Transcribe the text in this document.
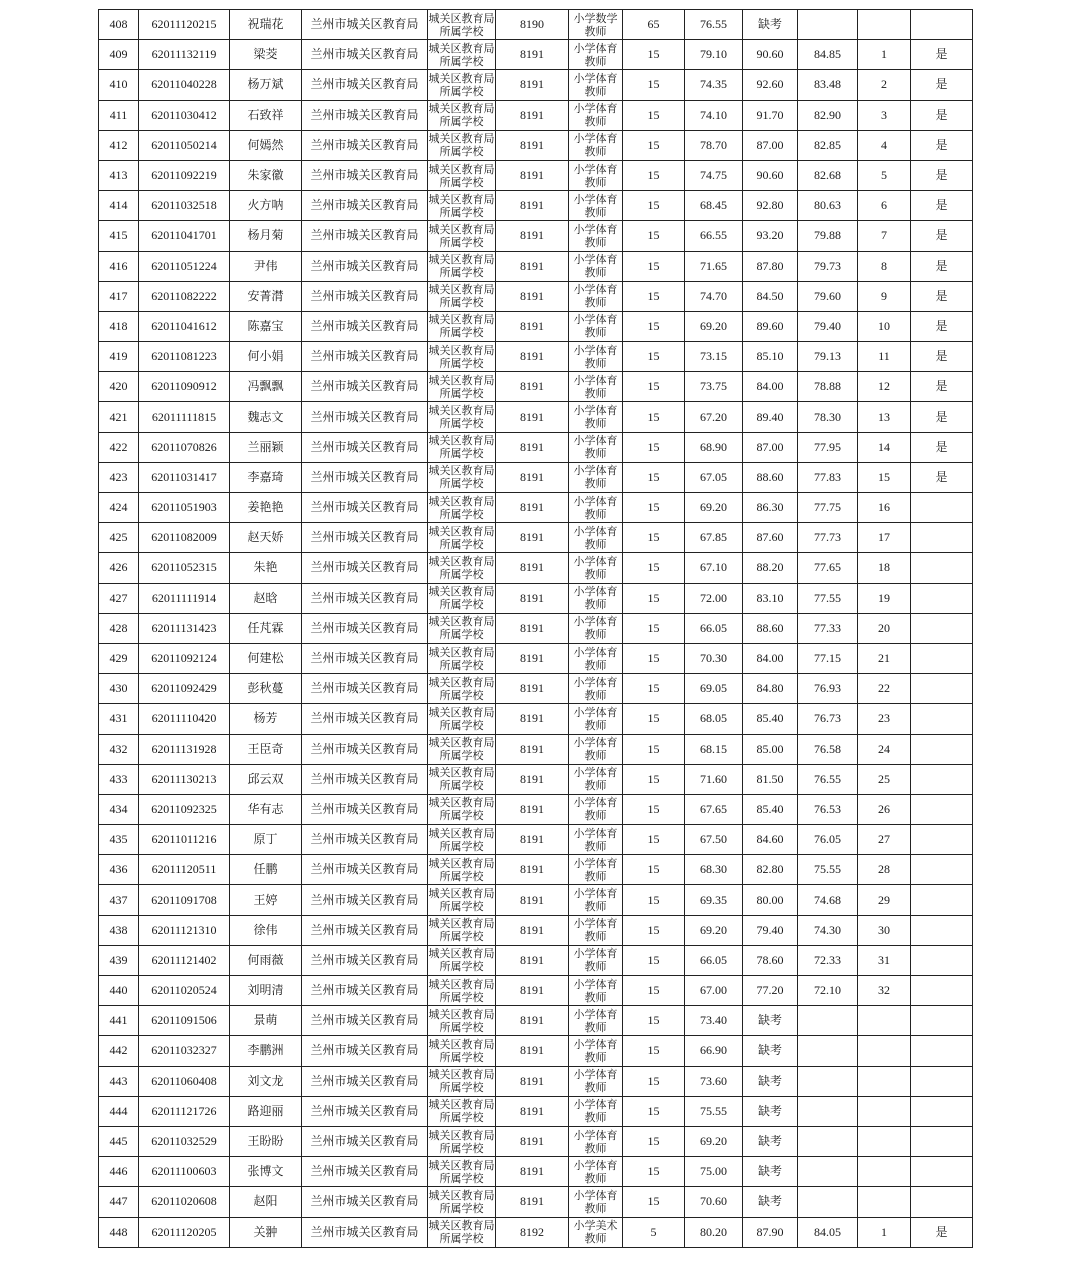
408	62011120215	祝瑞花	兰州市城关区教育局	城关区教育局所属学校	8190	小学数学教师	65	76.55	缺考			
409	62011132119	梁茭	兰州市城关区教育局	城关区教育局所属学校	8191	小学体育教师	15	79.10	90.60	84.85	1	是
410	62011040228	杨万斌	兰州市城关区教育局	城关区教育局所属学校	8191	小学体育教师	15	74.35	92.60	83.48	2	是
411	62011030412	石致祥	兰州市城关区教育局	城关区教育局所属学校	8191	小学体育教师	15	74.10	91.70	82.90	3	是
412	62011050214	何嫣然	兰州市城关区教育局	城关区教育局所属学校	8191	小学体育教师	15	78.70	87.00	82.85	4	是
413	62011092219	朱家徽	兰州市城关区教育局	城关区教育局所属学校	8191	小学体育教师	15	74.75	90.60	82.68	5	是
414	62011032518	火方呐	兰州市城关区教育局	城关区教育局所属学校	8191	小学体育教师	15	68.45	92.80	80.63	6	是
415	62011041701	杨月菊	兰州市城关区教育局	城关区教育局所属学校	8191	小学体育教师	15	66.55	93.20	79.88	7	是
416	62011051224	尹伟	兰州市城关区教育局	城关区教育局所属学校	8191	小学体育教师	15	71.65	87.80	79.73	8	是
417	62011082222	安菁潸	兰州市城关区教育局	城关区教育局所属学校	8191	小学体育教师	15	74.70	84.50	79.60	9	是
418	62011041612	陈嘉宝	兰州市城关区教育局	城关区教育局所属学校	8191	小学体育教师	15	69.20	89.60	79.40	10	是
419	62011081223	何小娟	兰州市城关区教育局	城关区教育局所属学校	8191	小学体育教师	15	73.15	85.10	79.13	11	是
420	62011090912	冯飘飘	兰州市城关区教育局	城关区教育局所属学校	8191	小学体育教师	15	73.75	84.00	78.88	12	是
421	62011111815	魏志文	兰州市城关区教育局	城关区教育局所属学校	8191	小学体育教师	15	67.20	89.40	78.30	13	是
422	62011070826	兰丽颖	兰州市城关区教育局	城关区教育局所属学校	8191	小学体育教师	15	68.90	87.00	77.95	14	是
423	62011031417	李嘉琦	兰州市城关区教育局	城关区教育局所属学校	8191	小学体育教师	15	67.05	88.60	77.83	15	是
424	62011051903	姜艳艳	兰州市城关区教育局	城关区教育局所属学校	8191	小学体育教师	15	69.20	86.30	77.75	16	
425	62011082009	赵天娇	兰州市城关区教育局	城关区教育局所属学校	8191	小学体育教师	15	67.85	87.60	77.73	17	
426	62011052315	朱艳	兰州市城关区教育局	城关区教育局所属学校	8191	小学体育教师	15	67.10	88.20	77.65	18	
427	62011111914	赵晗	兰州市城关区教育局	城关区教育局所属学校	8191	小学体育教师	15	72.00	83.10	77.55	19	
428	62011131423	任芃霖	兰州市城关区教育局	城关区教育局所属学校	8191	小学体育教师	15	66.05	88.60	77.33	20	
429	62011092124	何建松	兰州市城关区教育局	城关区教育局所属学校	8191	小学体育教师	15	70.30	84.00	77.15	21	
430	62011092429	彭秋蔓	兰州市城关区教育局	城关区教育局所属学校	8191	小学体育教师	15	69.05	84.80	76.93	22	
431	62011110420	杨芳	兰州市城关区教育局	城关区教育局所属学校	8191	小学体育教师	15	68.05	85.40	76.73	23	
432	62011131928	王臣奇	兰州市城关区教育局	城关区教育局所属学校	8191	小学体育教师	15	68.15	85.00	76.58	24	
433	62011130213	邱云双	兰州市城关区教育局	城关区教育局所属学校	8191	小学体育教师	15	71.60	81.50	76.55	25	
434	62011092325	华有志	兰州市城关区教育局	城关区教育局所属学校	8191	小学体育教师	15	67.65	85.40	76.53	26	
435	62011011216	原丁	兰州市城关区教育局	城关区教育局所属学校	8191	小学体育教师	15	67.50	84.60	76.05	27	
436	62011120511	任鹏	兰州市城关区教育局	城关区教育局所属学校	8191	小学体育教师	15	68.30	82.80	75.55	28	
437	62011091708	王婷	兰州市城关区教育局	城关区教育局所属学校	8191	小学体育教师	15	69.35	80.00	74.68	29	
438	62011121310	徐伟	兰州市城关区教育局	城关区教育局所属学校	8191	小学体育教师	15	69.20	79.40	74.30	30	
439	62011121402	何雨薇	兰州市城关区教育局	城关区教育局所属学校	8191	小学体育教师	15	66.05	78.60	72.33	31	
440	62011020524	刘明清	兰州市城关区教育局	城关区教育局所属学校	8191	小学体育教师	15	67.00	77.20	72.10	32	
441	62011091506	景萌	兰州市城关区教育局	城关区教育局所属学校	8191	小学体育教师	15	73.40	缺考			
442	62011032327	李鹏洲	兰州市城关区教育局	城关区教育局所属学校	8191	小学体育教师	15	66.90	缺考			
443	62011060408	刘文龙	兰州市城关区教育局	城关区教育局所属学校	8191	小学体育教师	15	73.60	缺考			
444	62011121726	路迎丽	兰州市城关区教育局	城关区教育局所属学校	8191	小学体育教师	15	75.55	缺考			
445	62011032529	王盼盼	兰州市城关区教育局	城关区教育局所属学校	8191	小学体育教师	15	69.20	缺考			
446	62011100603	张博文	兰州市城关区教育局	城关区教育局所属学校	8191	小学体育教师	15	75.00	缺考			
447	62011020608	赵阳	兰州市城关区教育局	城关区教育局所属学校	8191	小学体育教师	15	70.60	缺考			
448	62011120205	关翀	兰州市城关区教育局	城关区教育局所属学校	8192	小学美术教师	5	80.20	87.90	84.05	1	是
